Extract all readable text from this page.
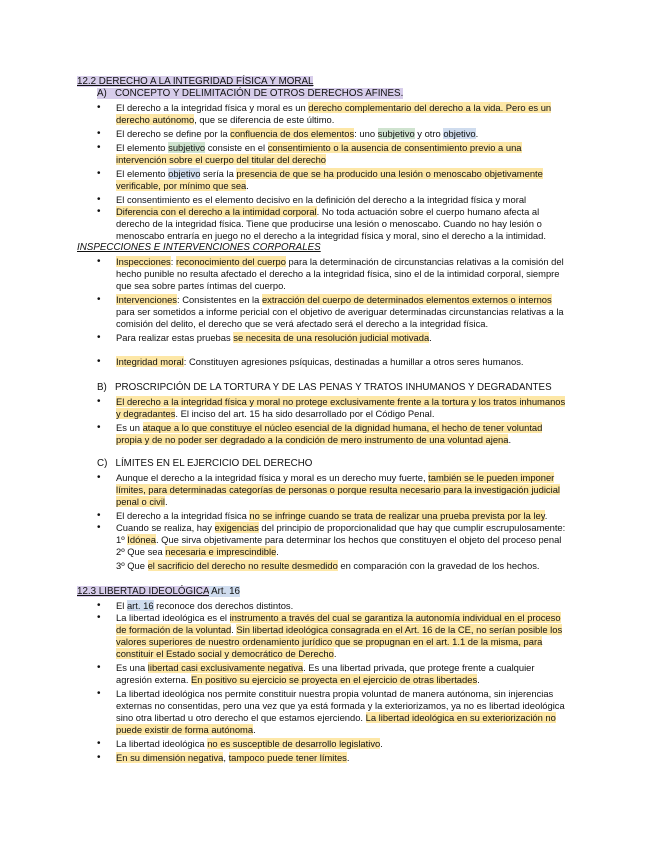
12.2 DERECHO A LA INTEGRIDAD FÍSICA Y MORAL
A)   CONCEPTO Y DELIMITACIÓN DE OTROS DERECHOS AFINES.
• El derecho a la integridad física y moral es un derecho complementario del derecho a la vida. Pero es un
derecho autónomo, que se diferencia de este último.
• El derecho se define por la confluencia de dos elementos: uno subjetivo y otro objetivo.
• El elemento subjetivo consiste en el consentimiento o la ausencia de consentimiento previo a una
intervención sobre el cuerpo del titular del derecho
• El elemento objetivo sería la presencia de que se ha producido una lesión o menoscabo objetivamente
verificable, por mínimo que sea.
• El consentimiento es el elemento decisivo en la definición del derecho a la integridad física y moral
• Diferencia con el derecho a la intimidad corporal. No toda actuación sobre el cuerpo humano afecta al
derecho de la integridad física. Tiene que producirse una lesión o menoscabo. Cuando no hay lesión o
menoscabo entraría en juego no el derecho a la integridad física y moral, sino el derecho a la intimidad.
INSPECCIONES E INTERVENCIONES CORPORALES
• Inspecciones: reconocimiento del cuerpo para la determinación de circunstancias relativas a la comisión del
hecho punible no resulta afectado el derecho a la integridad física, sino el de la intimidad corporal, siempre
que sea sobre partes íntimas del cuerpo.
• Intervenciones: Consistentes en la extracción del cuerpo de determinados elementos externos o internos
para ser sometidos a informe pericial con el objetivo de averiguar determinadas circunstancias relativas a la
comisión del delito, el derecho que se verá afectado será el derecho a la integridad física.
• Para realizar estas pruebas se necesita de una resolución judicial motivada.
• Integridad moral: Constituyen agresiones psíquicas, destinadas a humillar a otros seres humanos.
B)   PROSCRIPCIÓN DE LA TORTURA Y DE LAS PENAS Y TRATOS INHUMANOS Y DEGRADANTES
• El derecho a la integridad física y moral no protege exclusivamente frente a la tortura y los tratos inhumanos
y degradantes. El inciso del art. 15 ha sido desarrollado por el Código Penal.
• Es un ataque a lo que constituye el núcleo esencial de la dignidad humana, el hecho de tener voluntad
propia y de no poder ser degradado a la condición de mero instrumento de una voluntad ajena.
C)   LÍMITES EN EL EJERCICIO DEL DERECHO
• Aunque el derecho a la integridad física y moral es un derecho muy fuerte, también se le pueden imponer
límites, para determinadas categorías de personas o porque resulta necesario para la investigación judicial
penal o civil.
• El derecho a la integridad física no se infringe cuando se trata de realizar una prueba prevista por la ley.
• Cuando se realiza, hay exigencias del principio de proporcionalidad que hay que cumplir escrupulosamente:
1º Idónea. Que sirva objetivamente para determinar los hechos que constituyen el objeto del proceso penal
2º Que sea necesaria e imprescindible.
3º Que el sacrificio del derecho no resulte desmedido en comparación con la gravedad de los hechos.
12.3 LIBERTAD IDEOLÓGICA Art. 16
• El art. 16 reconoce dos derechos distintos.
• La libertad ideológica es el instrumento a través del cual se garantiza la autonomía individual en el proceso
de formación de la voluntad. Sin libertad ideológica consagrada en el Art. 16 de la CE, no serían posible los
valores superiores de nuestro ordenamiento jurídico que se propugnan en el art. 1.1 de la misma, para
constituir el Estado social y democrático de Derecho.
• Es una libertad casi exclusivamente negativa. Es una libertad privada, que protege frente a cualquier
agresión externa. En positivo su ejercicio se proyecta en el ejercicio de otras libertades.
• La libertad ideológica nos permite constituir nuestra propia voluntad de manera autónoma, sin injerencias
externas no consentidas, pero una vez que ya está formada y la exteriorizamos, ya no es libertad ideológica
sino otra libertad u otro derecho el que estamos ejerciendo. La libertad ideológica en su exteriorización no
puede existir de forma autónoma.
• La libertad ideológica no es susceptible de desarrollo legislativo.
• En su dimensión negativa, tampoco puede tener límites.
